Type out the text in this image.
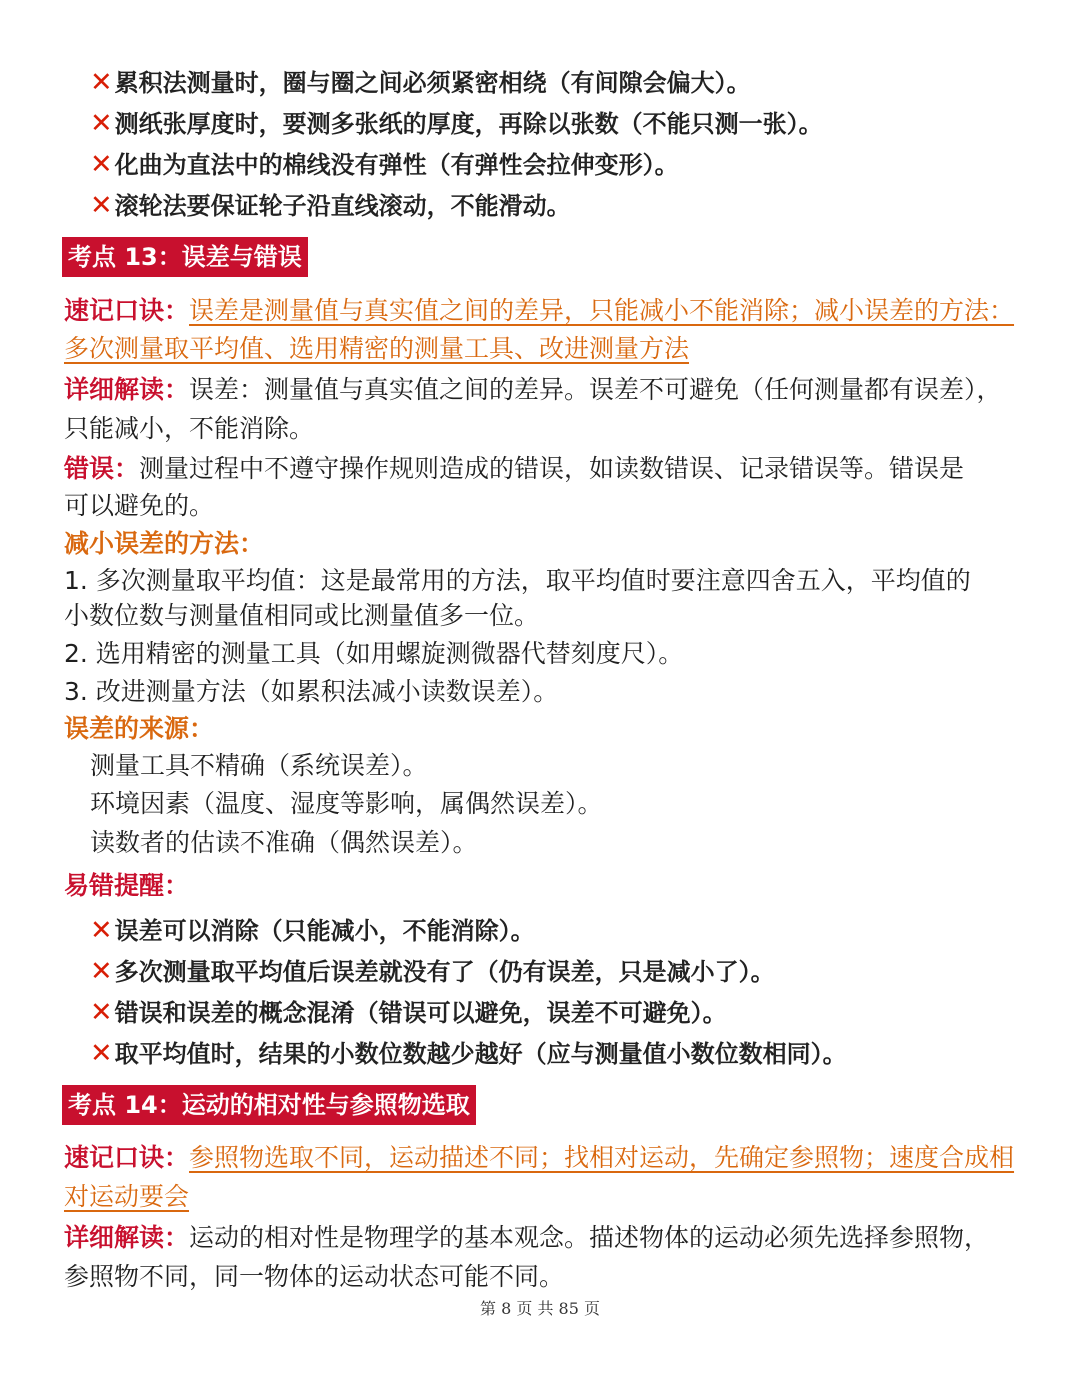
✕累积法测量时，圈与圈之间必须紧密相绕（有间隙会偏大）。
✕测纸张厚度时，要测多张纸的厚度，再除以张数（不能只测一张）。
✕化曲为直法中的棉线没有弹性（有弹性会拉伸变形）。
✕滚轮法要保证轮子沿直线滚动，不能滑动。
考点 13：误差与错误
速记口诀：误差是测量值与真实值之间的差异，只能减小不能消除；减小误差的方法：
多次测量取平均值、选用精密的测量工具、改进测量方法
详细解读：误差：测量值与真实值之间的差异。误差不可避免（任何测量都有误差），
只能减小，不能消除。
错误：测量过程中不遵守操作规则造成的错误，如读数错误、记录错误等。错误是
可以避免的。
减小误差的方法：
1. 多次测量取平均值：这是最常用的方法，取平均值时要注意四舍五入，平均值的
小数位数与测量值相同或比测量值多一位。
2. 选用精密的测量工具（如用螺旋测微器代替刻度尺）。
3. 改进测量方法（如累积法减小读数误差）。
误差的来源：
测量工具不精确（系统误差）。
环境因素（温度、湿度等影响，属偶然误差）。
读数者的估读不准确（偶然误差）。
易错提醒：
✕误差可以消除（只能减小，不能消除）。
✕多次测量取平均值后误差就没有了（仍有误差，只是减小了）。
✕错误和误差的概念混淆（错误可以避免，误差不可避免）。
✕取平均值时，结果的小数位数越少越好（应与测量值小数位数相同）。
考点 14：运动的相对性与参照物选取
速记口诀：参照物选取不同，运动描述不同；找相对运动，先确定参照物；速度合成相
对运动要会
详细解读：运动的相对性是物理学的基本观念。描述物体的运动必须先选择参照物，
参照物不同，同一物体的运动状态可能不同。
第 8 页 共 85 页
